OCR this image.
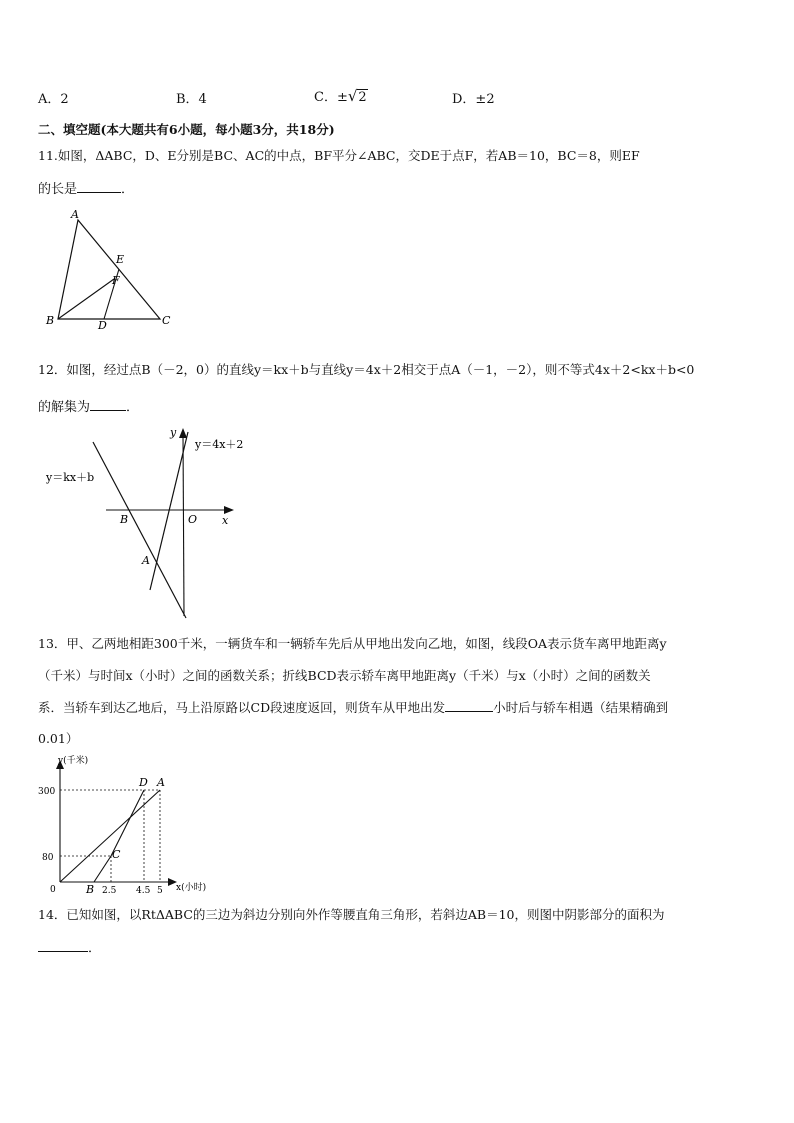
A．2	B．4	C．±√2	D．±2
二、填空题(本大题共有6小题，每小题3分，共18分)
11.如图，ΔABC，D、E分别是BC、AC的中点，BF平分∠ABC，交DE于点F，若AB＝10，BC＝8，则EF
的长是	．
A
B	C
D
E
F
12．如图，经过点B（－2，0）的直线y＝kx＋b与直线y＝4x＋2相交于点A（－1，－2），则不等式4x＋2<kx＋b<0
的解集为	．
y
x
y＝4x＋2
y＝kx＋b
B	O
A
13．甲、乙两地相距300千米，一辆货车和一辆轿车先后从甲地出发向乙地，如图，线段OA表示货车离甲地距离y
（千米）与时间x（小时）之间的函数关系；折线BCD表示轿车离甲地距离y（千米）与x（小时）之间的函数关
系．当轿车到达乙地后，马上沿原路以CD段速度返回，则货车从甲地出发	小时后与轿车相遇（结果精确到
0.01）
y(千米)
x(小时)
300
80
0	B 2.5 4.5 5
C
D A
14．已知如图，以RtΔABC的三边为斜边分别向外作等腰直角三角形，若斜边AB＝10，则图中阴影部分的面积为
．
